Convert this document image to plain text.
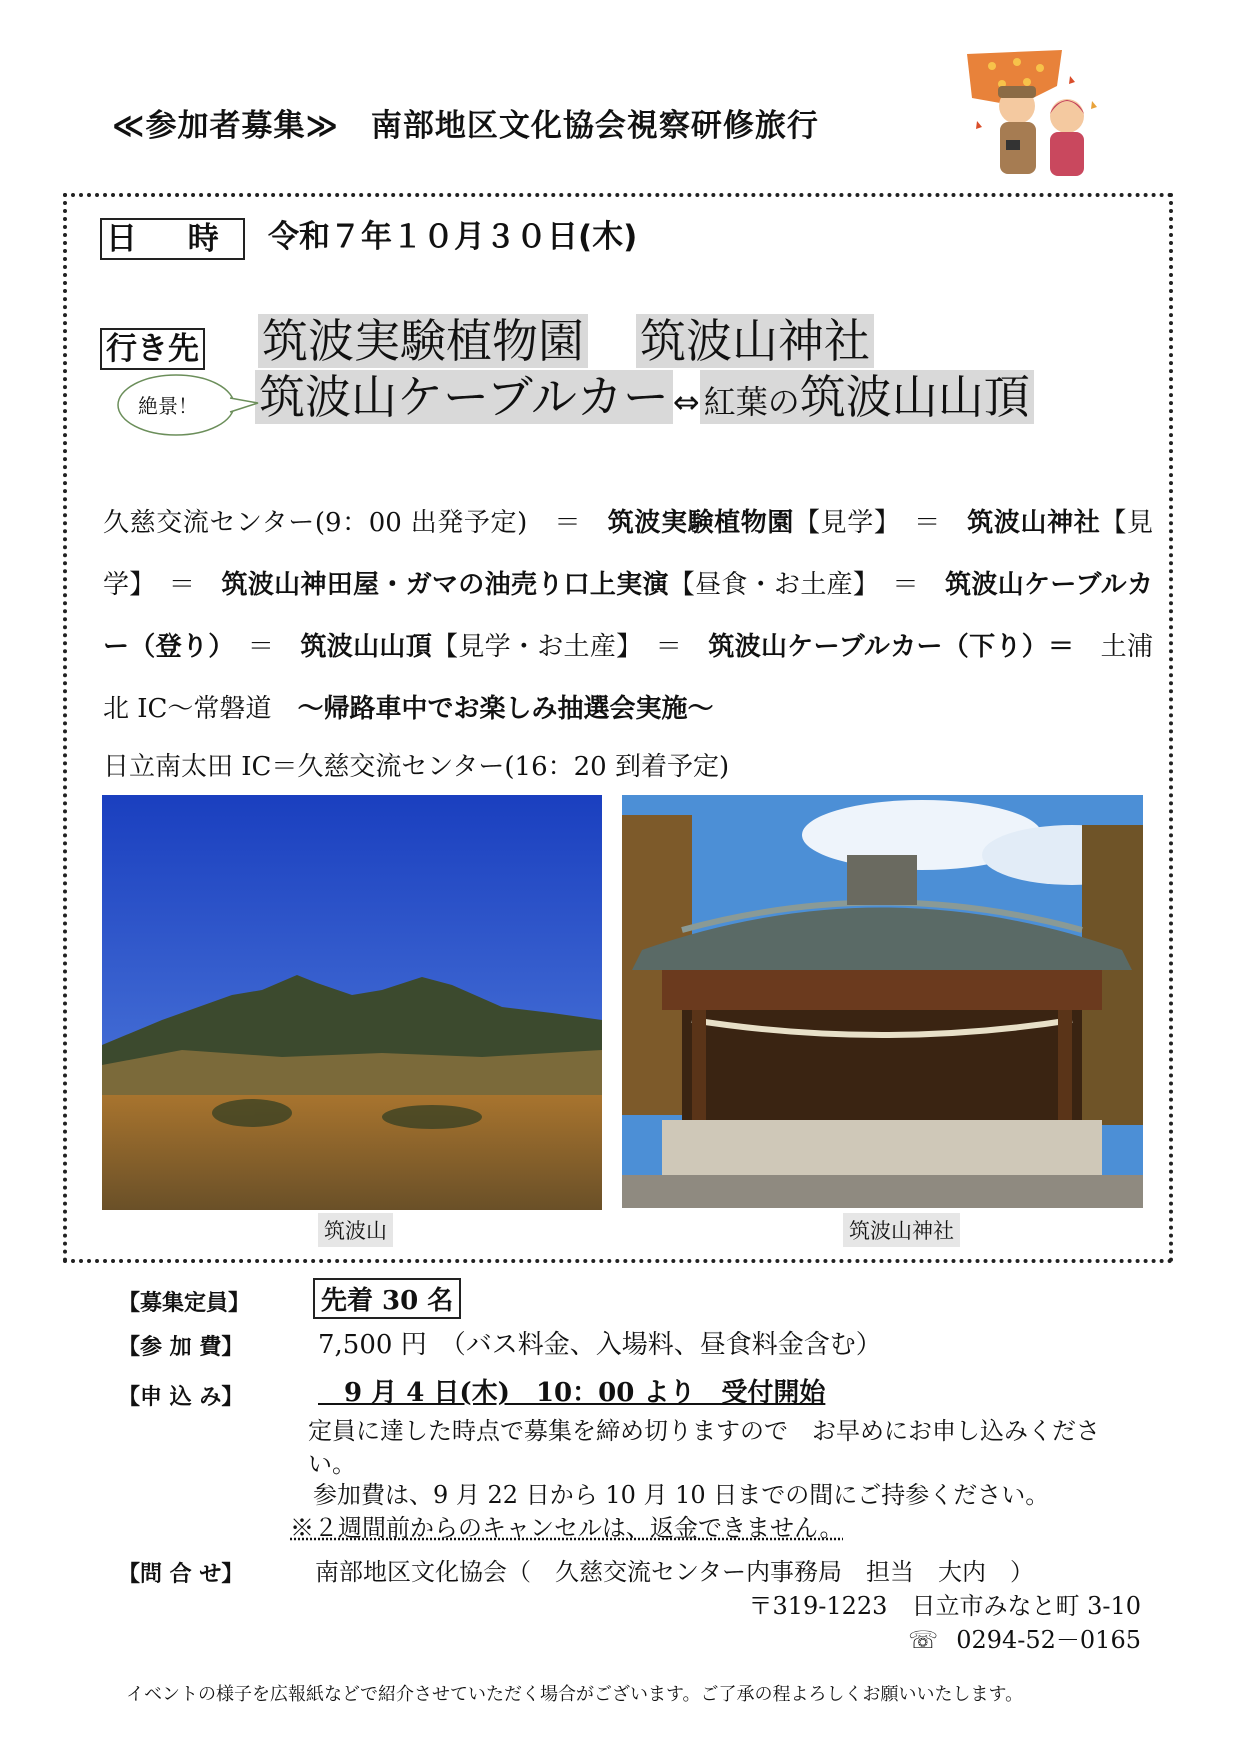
≪参加者募集≫　南部地区文化協会視察研修旅行
日 時 令和７年１０月３０日(木)
行き先 筑波実験植物園 筑波山神社
筑波山ケーブルカー ⇔ 紅葉の筑波山山頂
絶景！
久慈交流センター(9：00 出発予定)　＝　筑波実験植物園【見学】　＝　筑波山神社【見学】　＝　筑波山神田屋・ガマの油売り口上実演【昼食・お土産】　＝　筑波山ケーブルカー（登り）　＝　筑波山山頂【見学・お土産】　＝　筑波山ケーブルカー（下り）＝　土浦北 IC～常磐道　～帰路車中でお楽しみ抽選会実施～
日立南太田 IC＝久慈交流センター(16：20 到着予定)
筑波山	筑波山神社
【募集定員】	先着 30 名
【参 加 費】	7,500 円　（バス料金、入場料、昼食料金含む）
【申 込 み】	　9 月 4 日(木)　10：00 より　受付開始
定員に達した時点で募集を締め切りますので　お早めにお申し込みくださ
い。
参加費は、9 月 22 日から 10 月 10 日までの間にご持参ください。
※２週間前からのキャンセルは、返金できません。
【問 合 せ】	南部地区文化協会（　久慈交流センター内事務局　担当　大内　）
〒319-1223　日立市みなと町 3-10
☏ 0294-52－0165
イベントの様子を広報紙などで紹介させていただく場合がございます。ご了承の程よろしくお願いいたします。
